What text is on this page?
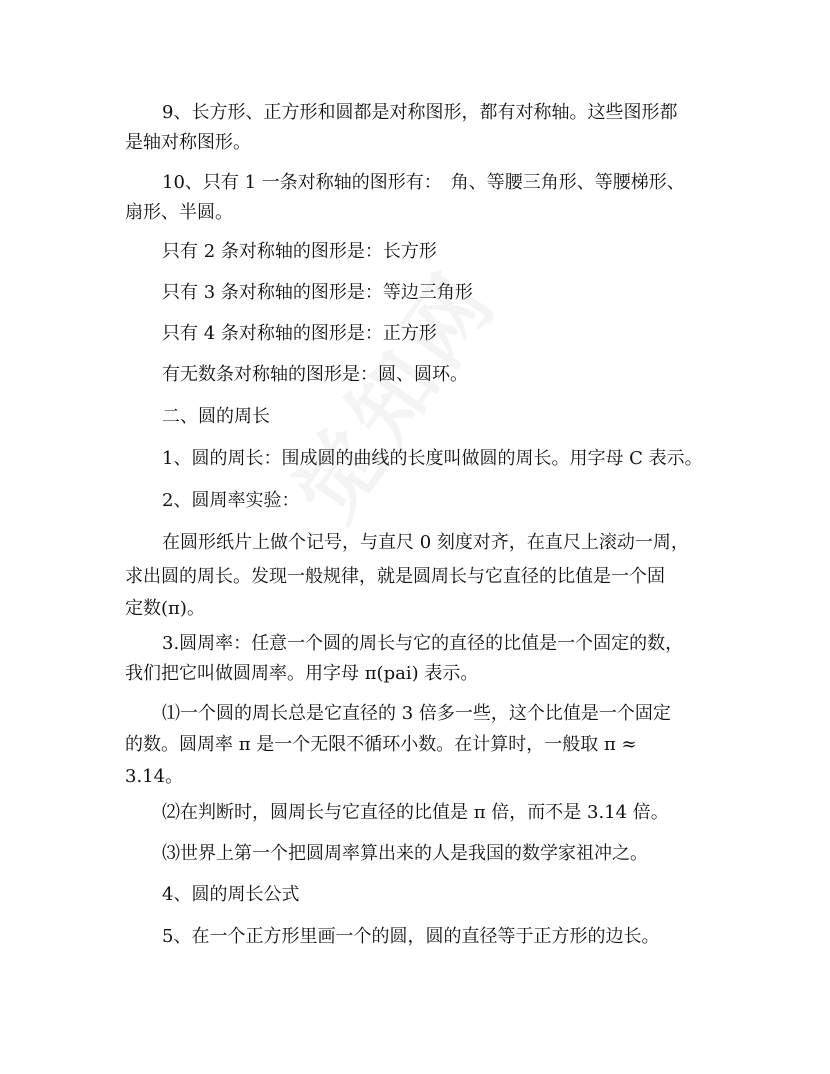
9、长方形、正方形和圆都是对称图形，都有对称轴。这些图形都
是轴对称图形。
10、只有 1 一条对称轴的图形有：　角、等腰三角形、等腰梯形、
扇形、半圆。
只有 2 条对称轴的图形是：长方形
只有 3 条对称轴的图形是：等边三角形
只有 4 条对称轴的图形是：正方形
有无数条对称轴的图形是：圆、圆环。
二、圆的周长
1、圆的周长：围成圆的曲线的长度叫做圆的周长。用字母 C 表示。
2、圆周率实验：
在圆形纸片上做个记号，与直尺 0 刻度对齐，在直尺上滚动一周，
求出圆的周长。发现一般规律，就是圆周长与它直径的比值是一个固
定数(π)。
3.圆周率：任意一个圆的周长与它的直径的比值是一个固定的数，
我们把它叫做圆周率。用字母 π(pai) 表示。
⑴一个圆的周长总是它直径的 3 倍多一些，这个比值是一个固定
的数。圆周率 π 是一个无限不循环小数。在计算时，一般取 π ≈
3.14。
⑵在判断时，圆周长与它直径的比值是 π 倍，而不是 3.14 倍。
⑶世界上第一个把圆周率算出来的人是我国的数学家祖冲之。
4、圆的周长公式
5、在一个正方形里画一个的圆，圆的直径等于正方形的边长。
